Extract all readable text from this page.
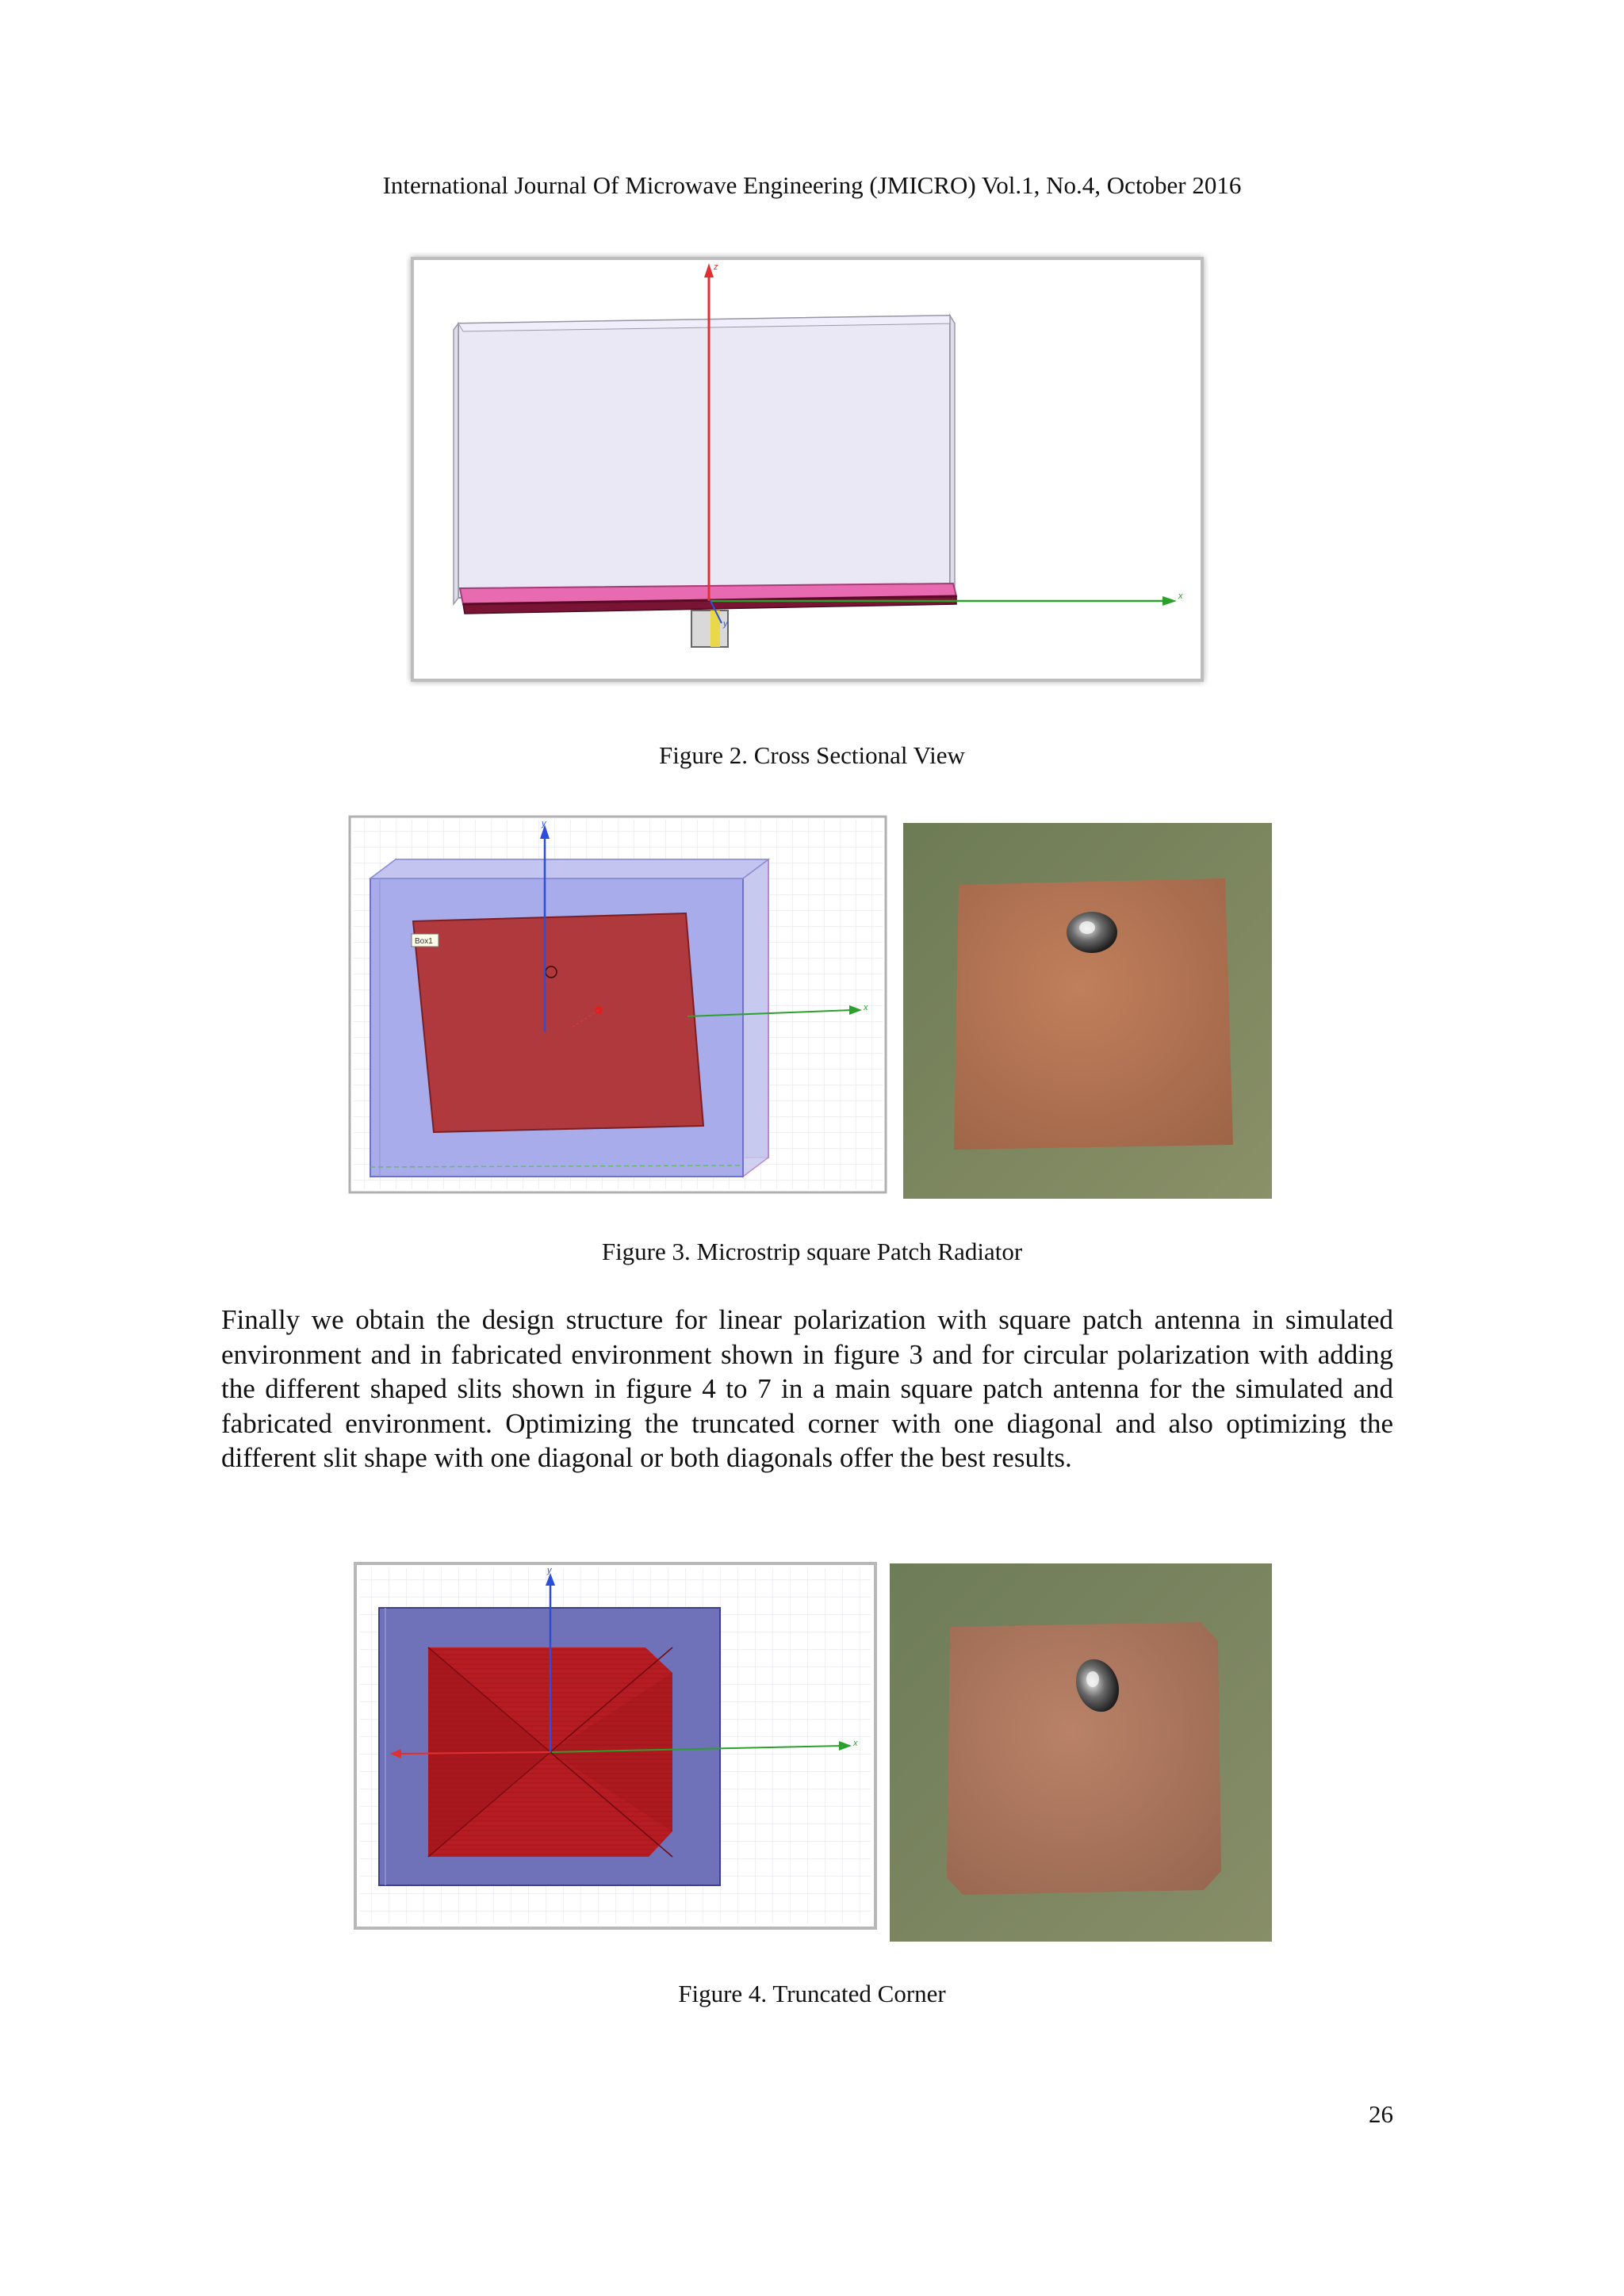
International Journal Of Microwave Engineering (JMICRO) Vol.1, No.4, October 2016
z
x
y
Figure 2. Cross Sectional View
Box1
y
x
Figure 3. Microstrip square Patch Radiator

Finally we obtain the design structure for linear polarization with square patch antenna in simulated environment and in fabricated environment shown in figure 3 and for circular polarization with adding the different shaped slits shown in figure 4 to 7 in a main square patch antenna for the simulated and fabricated environment. Optimizing the truncated corner with one diagonal and also optimizing the different slit shape with one diagonal or both diagonals offer the best results.

y
x
Figure 4. Truncated Corner
26
